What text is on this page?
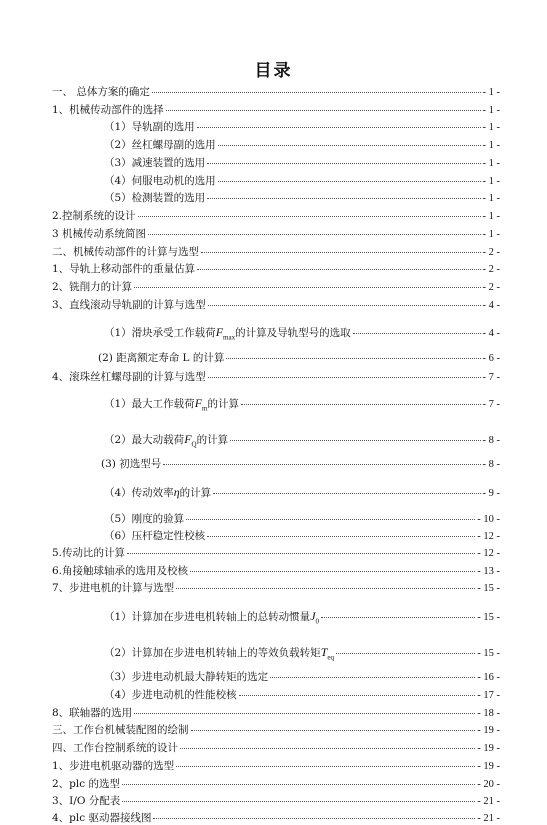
目录
一、 总体方案的确定	- 1 -
1、机械传动部件的选择	- 1 -
（1）导轨副的选用	- 1 -
（2）丝杠螺母副的选用	- 1 -
（3）减速装置的选用	- 1 -
（4）伺服电动机的选用	- 1 -
（5）检测装置的选用	- 1 -
2.控制系统的设计	- 1 -
3 机械传动系统简图	- 1 -
二、机械传动部件的计算与选型	- 2 -
1、导轨上移动部件的重量估算	- 2 -
2、铣削力的计算	- 2 -
3、直线滚动导轨副的计算与选型	- 4 -
（1）滑块承受工作载荷$F_{max}$的计算及导轨型号的选取	- 4 -
(2) 距离额定寿命 L 的计算	- 6 -
4、滚珠丝杠螺母副的计算与选型	- 7 -
（1）最大工作载荷$F_m$的计算	- 7 -
（2）最大动载荷$F_Q$的计算	- 8 -
(3) 初选型号	- 8 -
（4）传动效率η的计算	- 9 -
（5）刚度的验算	- 10 -
（6）压杆稳定性校核	- 12 -
5.传动比的计算	- 12 -
6.角接触球轴承的选用及校核	- 13 -
7、步进电机的计算与选型	- 15 -
（1）计算加在步进电机转轴上的总转动惯量$J_0$	- 15 -
（2）计算加在步进电机转轴上的等效负载转矩$T_{eq}$	- 15 -
（3）步进电动机最大静转矩的选定	- 16 -
（4）步进电动机的性能校核	- 17 -
8、联轴器的选用	- 18 -
三、工作台机械装配图的绘制	- 19 -
四、工作台控制系统的设计	- 19 -
1、步进电机驱动器的选型	- 19 -
2、plc 的选型	- 20 -
3、I/O 分配表	- 21 -
4、plc 驱动器接线图	- 21 -
